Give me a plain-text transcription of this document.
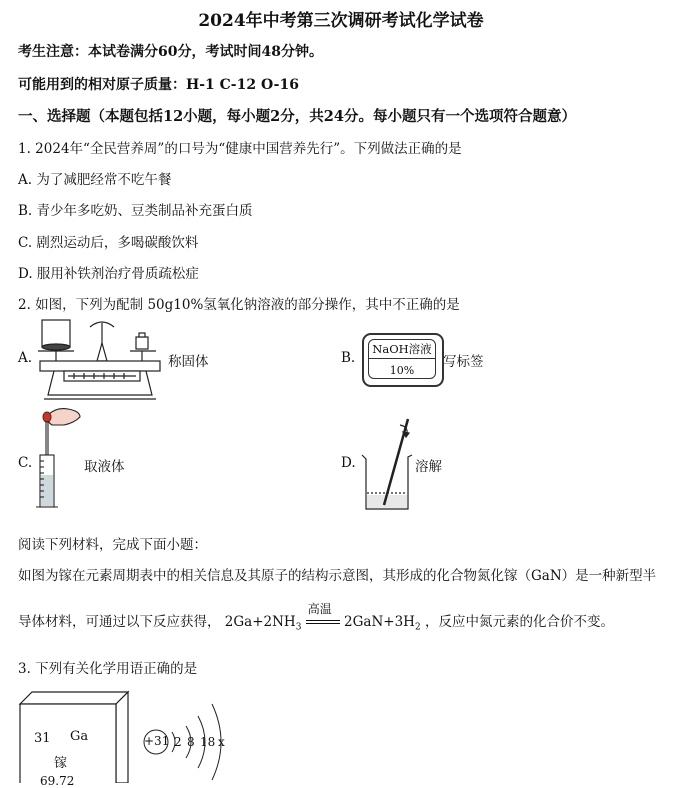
2024年中考第三次调研考试化学试卷
考生注意：本试卷满分60分，考试时间48分钟。
可能用到的相对原子质量：H-1 C-12 O-16
一、选择题（本题包括12小题，每小题2分，共24分。每小题只有一个选项符合题意）
1. 2024年“全民营养周”的口号为“健康中国营养先行”。下列做法正确的是
A. 为了减肥经常不吃午餐
B. 青少年多吃奶、豆类制品补充蛋白质
C. 剧烈运动后，多喝碳酸饮料
D. 服用补铁剂治疗骨质疏松症
2. 如图，下列为配制 50g10%氢氧化钠溶液的部分操作，其中不正确的是
A.	称固体	B.
NaOH溶液
10%
写标签
C.	取液体	D.	溶解
阅读下列材料，完成下面小题：
如图为镓在元素周期表中的相关信息及其原子的结构示意图，其形成的化合物氮化镓（GaN）是一种新型半
导体材料，可通过以下反应获得， $2Ga+2NH_3$
高温
$2GaN+3H_2$ ，反应中氮元素的化合价不变。
3. 下列有关化学用语正确的是
31 Ga
镓
69.72
+31 2 8 18 x
